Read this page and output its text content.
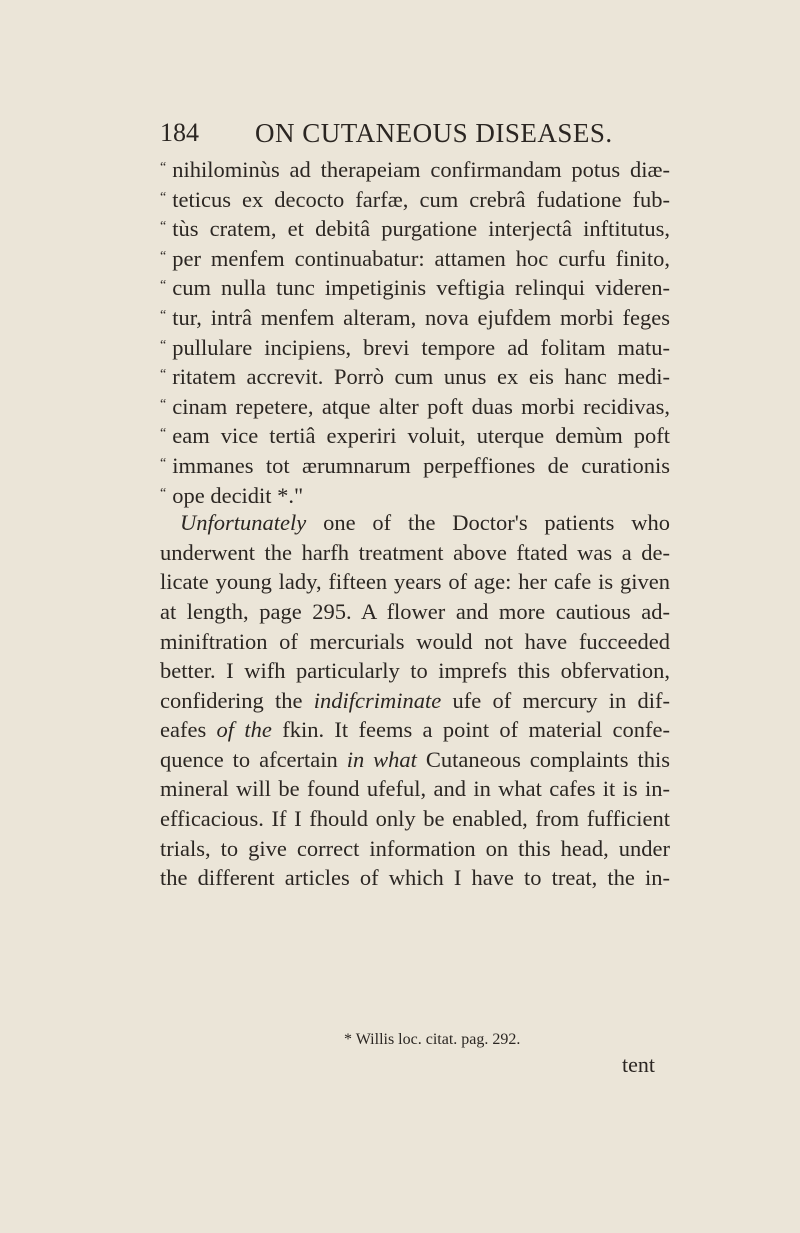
184 ON CUTANEOUS DISEASES.
“ nihilominùs ad therapeiam confirmandam potus diæ-
“ teticus ex decocto farfæ, cum crebrâ fudatione fub-
“ tùs cratem, et debitâ purgatione interjectâ inftitutus,
“ per menfem continuabatur: attamen hoc curfu finito,
“ cum nulla tunc impetiginis veftigia relinqui videren-
“ tur, intrâ menfem alteram, nova ejufdem morbi feges
“ pullulare incipiens, brevi tempore ad folitam matu-
“ ritatem accrevit. Porrò cum unus ex eis hanc medi-
“ cinam repetere, atque alter poft duas morbi recidivas,
“ eam vice tertiâ experiri voluit, uterque demùm poft
“ immanes tot ærumnarum perpeffiones de curationis
“ ope decidit *."
Unfortunately one of the Doctor's patients who
underwent the harfh treatment above ftated was a de-
licate young lady, fifteen years of age: her cafe is given
at length, page 295. A flower and more cautious ad-
miniftration of mercurials would not have fucceeded
better. I wifh particularly to imprefs this obfervation,
confidering the indifcriminate ufe of mercury in dif-
eafes of the fkin. It feems a point of material confe-
quence to afcertain in what Cutaneous complaints this
mineral will be found ufeful, and in what cafes it is in-
efficacious. If I fhould only be enabled, from fufficient
trials, to give correct information on this head, under
the different articles of which I have to treat, the in-
* Willis loc. citat. pag. 292.
tent
